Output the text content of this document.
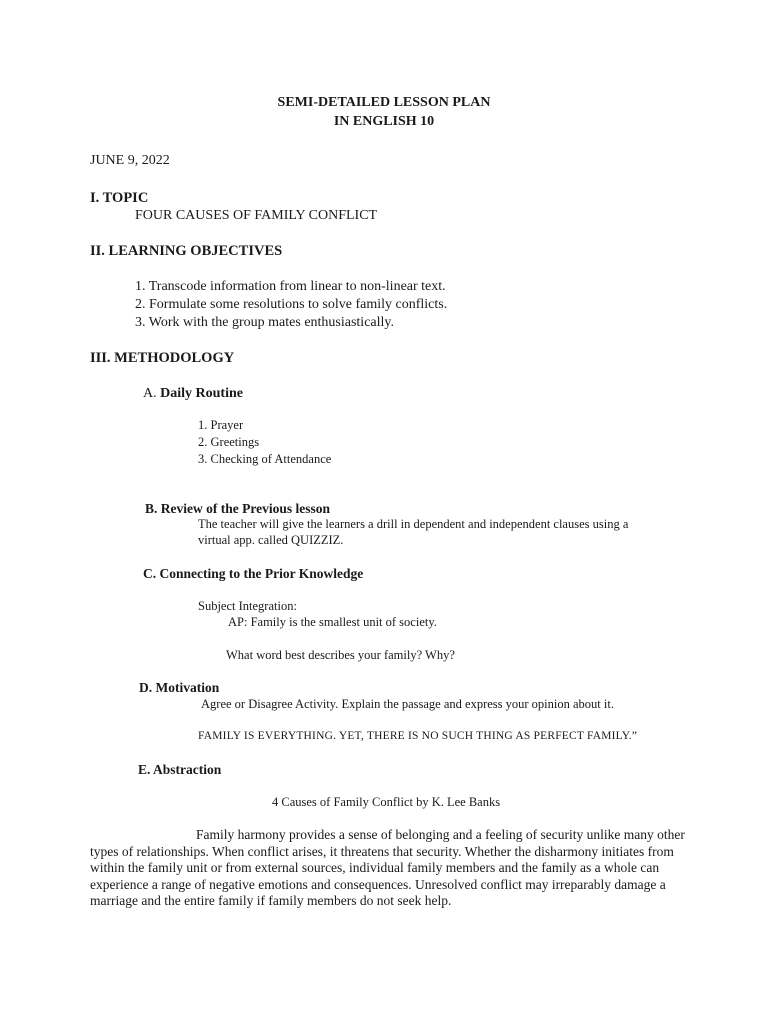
SEMI-DETAILED LESSON PLAN
IN ENGLISH 10
JUNE 9, 2022
I. TOPIC
FOUR CAUSES OF FAMILY CONFLICT
II. LEARNING OBJECTIVES
1. Transcode information from linear to non-linear text.
2. Formulate some resolutions to solve family conflicts.
3. Work with the group mates enthusiastically.
III. METHODOLOGY
A. Daily Routine
1. Prayer
2. Greetings
3. Checking of Attendance
B. Review of the Previous lesson
The teacher will give the learners a drill in dependent and independent clauses using a
virtual app. called QUIZZIZ.
C. Connecting to the Prior Knowledge
Subject Integration:
AP: Family is the smallest unit of society.
What word best describes your family? Why?
D. Motivation
Agree or Disagree Activity. Explain the passage and express your opinion about it.
FAMILY IS EVERYTHING. YET, THERE IS NO SUCH THING AS PERFECT FAMILY.”
E. Abstraction
4 Causes of Family Conflict by K. Lee Banks
Family harmony provides a sense of belonging and a feeling of security unlike many other types of relationships. When conflict arises, it threatens that security. Whether the disharmony initiates from within the family unit or from external sources, individual family members and the family as a whole can experience a range of negative emotions and consequences. Unresolved conflict may irreparably damage a marriage and the entire family if family members do not seek help.
